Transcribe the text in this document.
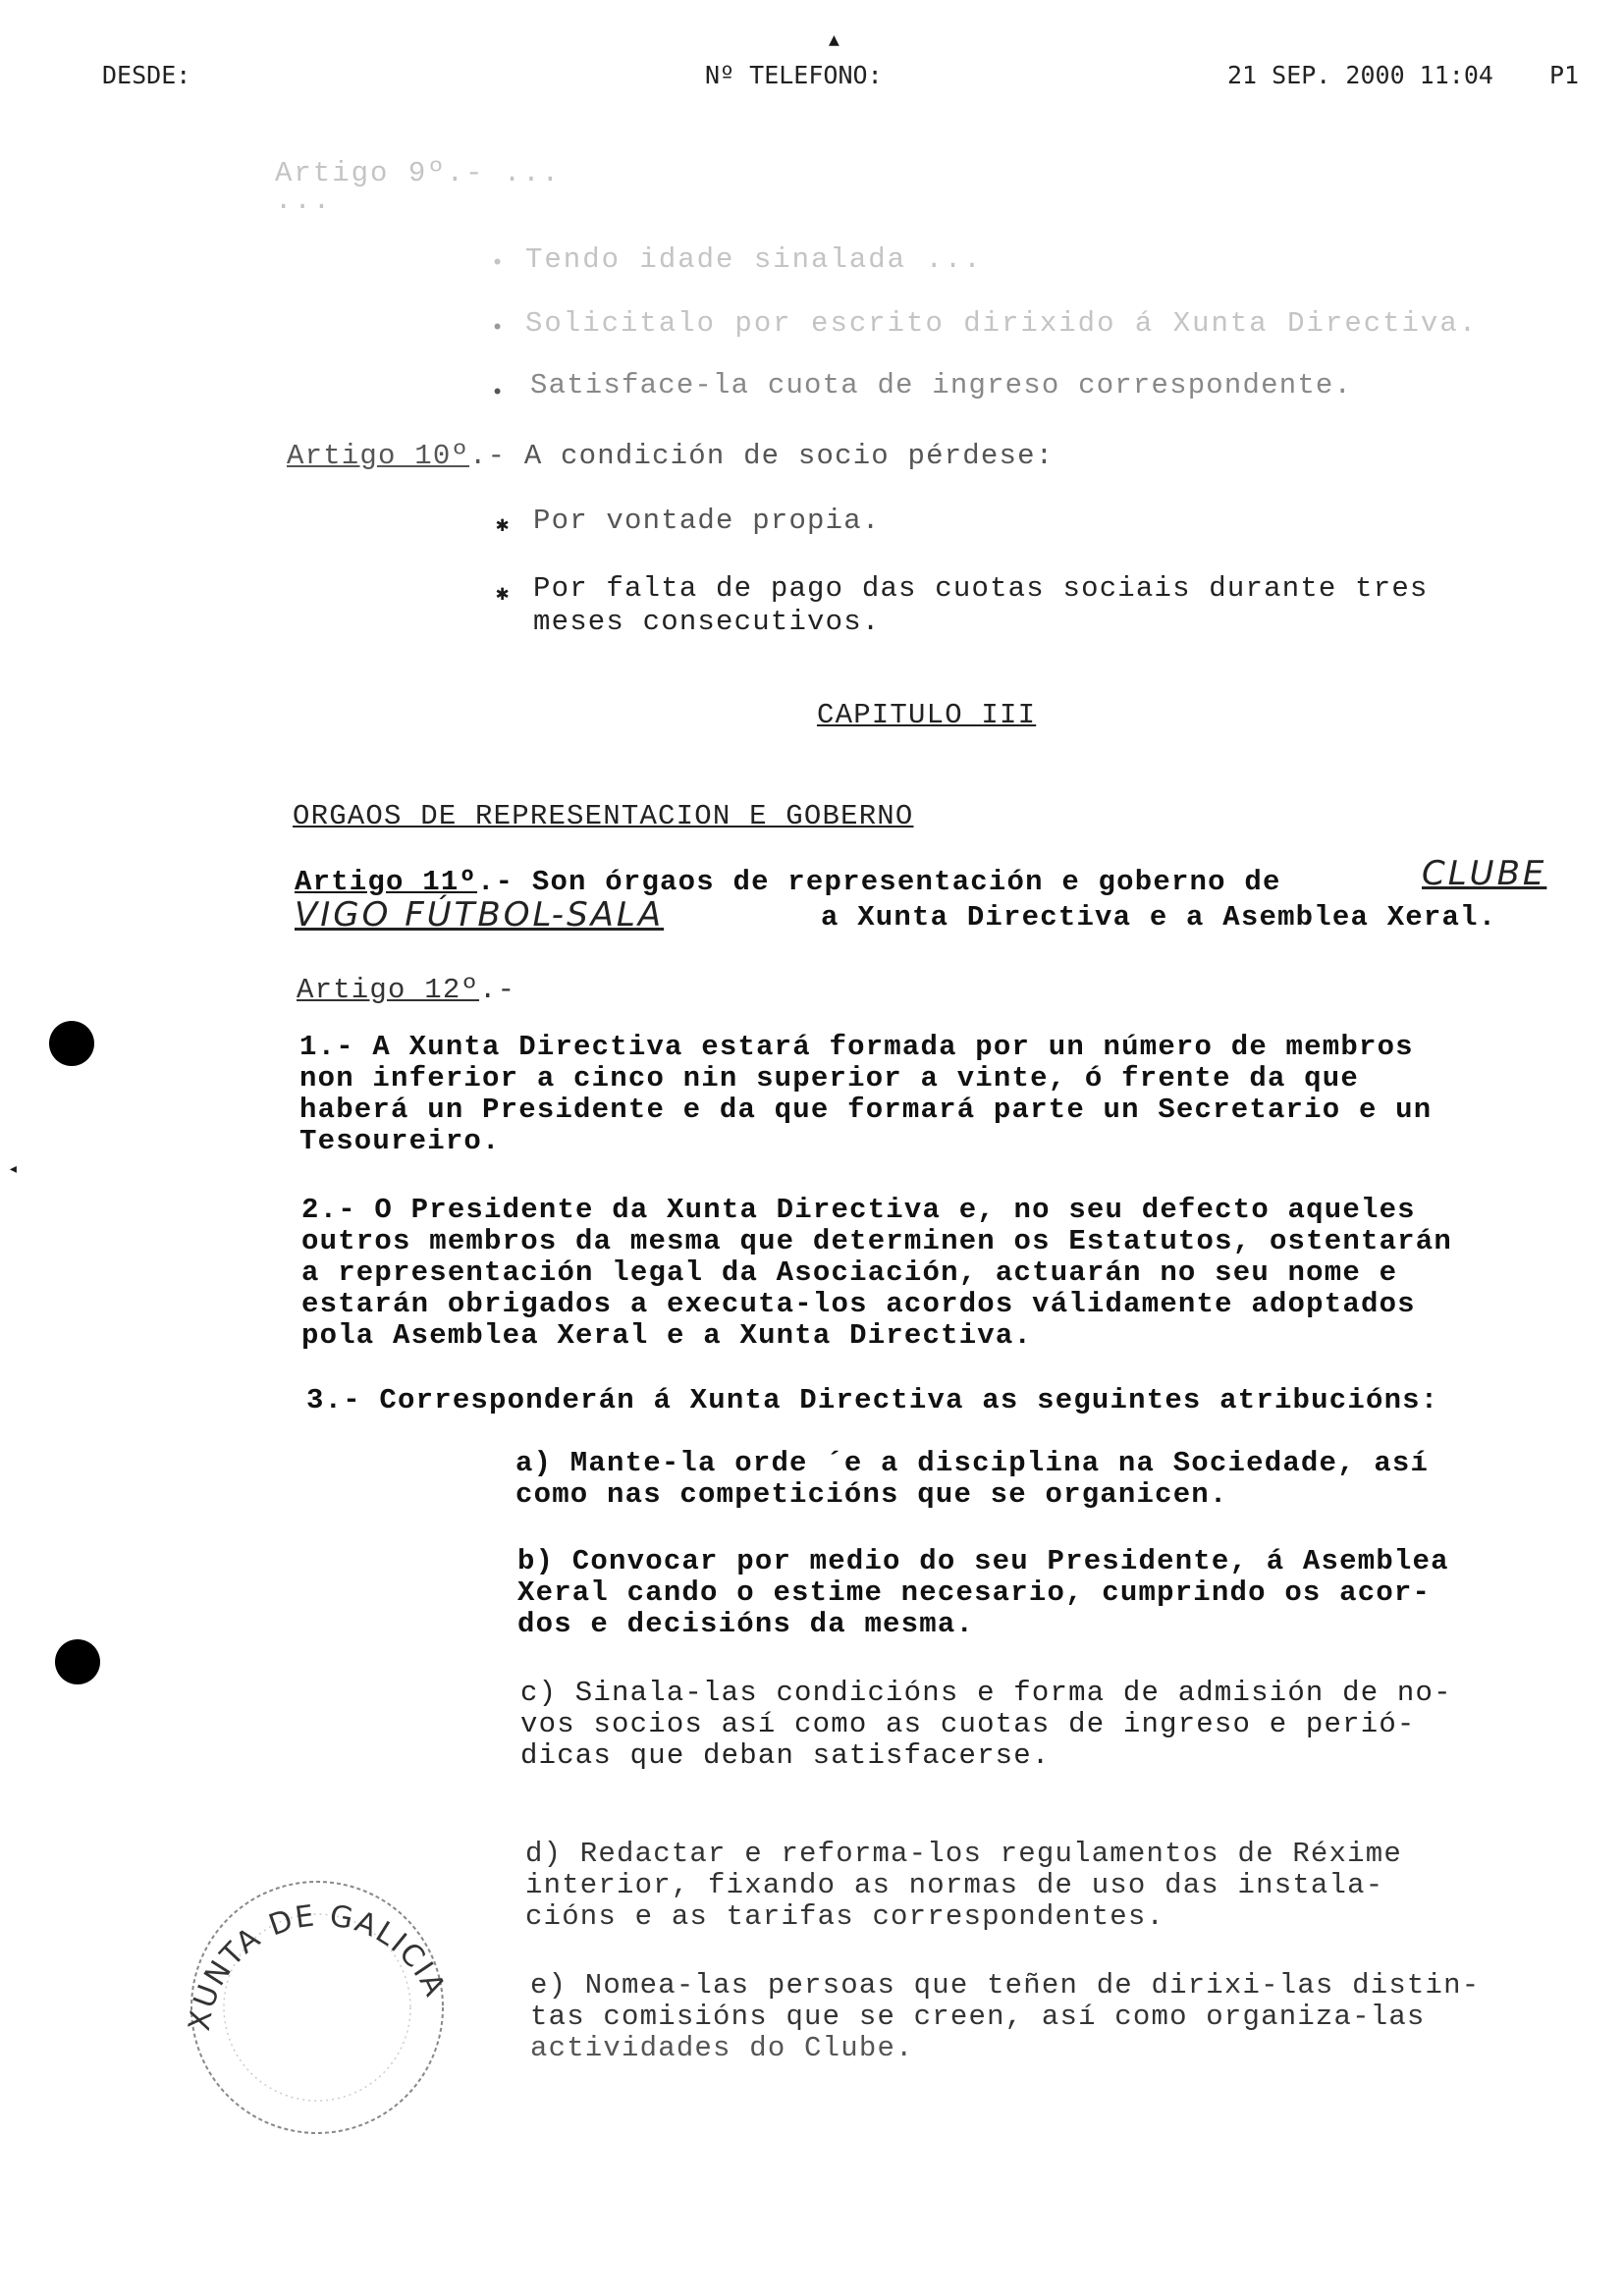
DESDE:	Nº TELEFONO:	21 SEP. 2000 11:04 P1
▲
Artigo 9º.- ...
...
• Tendo idade sinalada ...
• Solicitalo por escrito dirixido á Xunta Directiva.
• Satisface-la cuota de ingreso correspondente.
Artigo 10º.- A condición de socio pérdese:
✱ Por vontade propia.
✱ Por falta de pago das cuotas sociais durante tres
meses consecutivos.
CAPITULO III
ORGAOS DE REPRESENTACION E GOBERNO
Artigo 11º.- Son órgaos de representación e goberno de	CLUBE
VIGO FÚTBOL-SALA	a Xunta Directiva e a Asemblea Xeral.
Artigo 12º.-
1.- A Xunta Directiva estará formada por un número de membros
non inferior a cinco nin superior a vinte, ó frente da que
haberá un Presidente e da que formará parte un Secretario e un
Tesoureiro.
2.- O Presidente da Xunta Directiva e, no seu defecto aqueles
outros membros da mesma que determinen os Estatutos, ostentarán
a representación legal da Asociación, actuarán no seu nome e
estarán obrigados a executa-los acordos válidamente adoptados
pola Asemblea Xeral e a Xunta Directiva.
3.- Corresponderán á Xunta Directiva as seguintes atribucións:
a) Mante-la orde ´e a disciplina na Sociedade, así
como nas competicións que se organicen.
b) Convocar por medio do seu Presidente, á Asemblea
Xeral cando o estime necesario, cumprindo os acor-
dos e decisións da mesma.
c) Sinala-las condicións e forma de admisión de no-
vos socios así como as cuotas de ingreso e perió-
dicas que deban satisfacerse.
d) Redactar e reforma-los regulamentos de Réxime
interior, fixando as normas de uso das instala-
cións e as tarifas correspondentes.
e) Nomea-las persoas que teñen de dirixi-las distin-
tas comisións que se creen, así como organiza-las
actividades do Clube.
◂
XUNTA DE GALICIA
